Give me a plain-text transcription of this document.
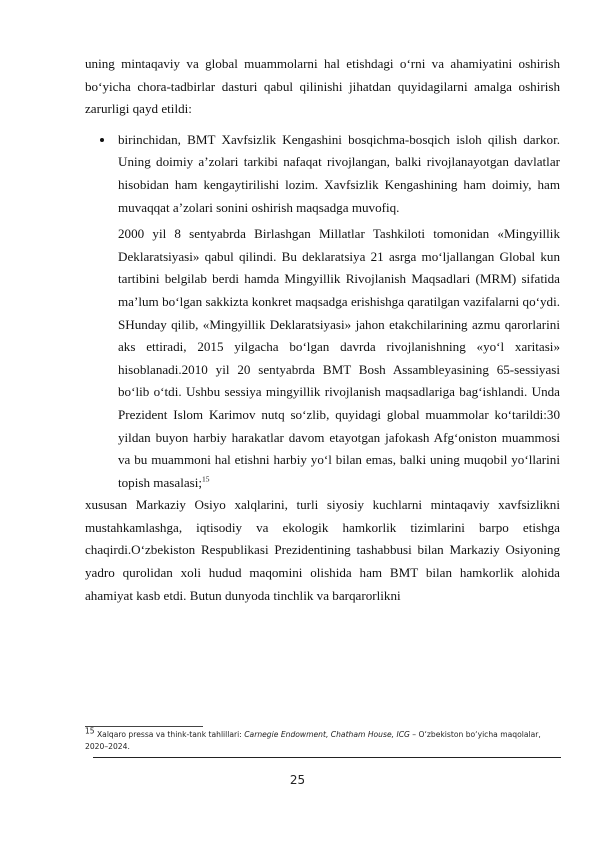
uning mintaqaviy va global muammolarni hal etishdagi o‘rni va ahamiyatini oshirish bo‘yicha chora-tadbirlar dasturi qabul qilinishi jihatdan quyidagilarni amalga oshirish zarurligi qayd etildi:

birinchidan, BMT Xavfsizlik Kengashini bosqichma-bosqich isloh qilish darkor. Uning doimiy a’zolari tarkibi nafaqat rivojlangan, balki rivojlanayotgan davlatlar hisobidan ham kengaytirilishi lozim. Xavfsizlik Kengashining ham doimiy, ham muvaqqat a’zolari sonini oshirish maqsadga muvofiq.

2000 yil 8 sentyabrda Birlashgan Millatlar Tashkiloti tomonidan «Mingyillik Deklaratsiyasi» qabul qilindi. Bu deklaratsiya 21 asrga mo‘ljallangan Global kun tartibini belgilab berdi hamda Mingyillik Rivojlanish Maqsadlari (MRM) sifatida ma’lum bo‘lgan sakkizta konkret maqsadga erishishga qaratilgan vazifalarni qo‘ydi. SHunday qilib, «Mingyillik Deklaratsiyasi» jahon etakchilarining azmu qarorlarini aks ettiradi, 2015 yilgacha bo‘lgan davrda rivojlanishning «yo‘l xaritasi» hisoblanadi.2010 yil 20 sentyabrda BMT Bosh Assambleyasining 65-sessiyasi bo‘lib o‘tdi. Ushbu sessiya mingyillik rivojlanish maqsadlariga bag‘ishlandi. Unda Prezident Islom Karimov nutq so‘zlib, quyidagi global muammolar ko‘tarildi:30 yildan buyon harbiy harakatlar davom etayotgan jafokash Afg‘oniston muammosi va bu muammoni hal etishni harbiy yo‘l bilan emas, balki uning muqobil yo‘llarini topish masalasi;$^{15}$

xususan Markaziy Osiyo xalqlarini, turli siyosiy kuchlarni mintaqaviy xavfsizlikni mustahkamlashga, iqtisodiy va ekologik hamkorlik tizimlarini barpo etishga chaqirdi.O‘zbekiston Respublikasi Prezidentining tashabbusi bilan Markaziy Osiyoning yadro qurolidan xoli hudud maqomini olishida ham BMT bilan hamkorlik alohida ahamiyat kasb etdi. Butun dunyoda tinchlik va barqarorlikni

$^{15}$ Xalqaro pressa va think-tank tahlillari: Carnegie Endowment, Chatham House, ICG – O‘zbekiston bo‘yicha maqolalar, 2020–2024.
25
